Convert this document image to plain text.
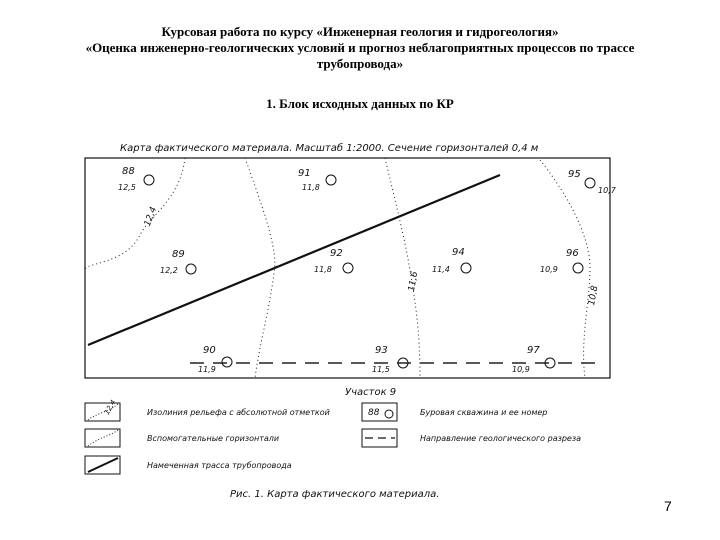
Курсовая работа по курсу «Инженерная геология и гидрогеология»
«Оценка инженерно-геологических условий и прогноз неблагоприятных процессов по трассе
трубопровода»
1. Блок исходных данных по КР
Карта фактического материала. Масштаб 1:2000. Сечение горизонталей 0,4 м
12,4
11,6
10,8
88
12,5
91
11,8
95
10,7
89
12,2
92
11,8
94
11,4
96
10,9
90
11,9
93
11,5
97
10,9
Участок 9
12,4	Изолиния рельефа с абсолютной отметкой
Вспомогательные горизонтали
Намеченная трасса трубопровода
88	Буровая скважина и ее номер
Направление геологического разреза
Рис. 1. Карта фактического материала.
7
